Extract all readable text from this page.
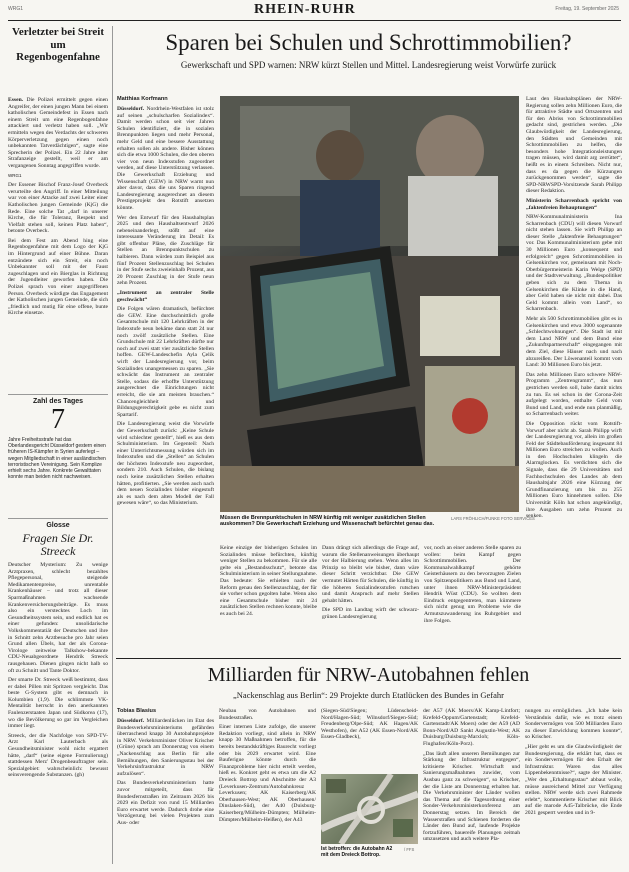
WRG1	RHEIN-RUHR	Freitag, 19. September 2025
Verletzter bei Streit um Regenbogenfahne

Essen. Die Polizei ermittelt gegen einen Angreifer, der einen jungen Mann bei einem katholischen Gemeindefest in Essen nach einem Streit um eine Regenbogenfahne attackiert und verletzt haben soll. „Wir ermitteln wegen des Verdachts der schweren Körperverletzung gegen einen noch unbekannten Tatverdächtigen“, sagte eine Sprecherin der Polizei. Ein 22 Jahre alter Strafanzeige gestellt, weil er am vergangenen Sonntag angegriffen wurde.

WRG1

Der Essener Bischof Franz-Josef Overbeck verurteilte den Angriff. In einer Mitteilung war von einer Attacke auf zwei Leiter einer Katholischen jungen Gemeinde (KjG) die Rede. Eine solche Tat „darf in unserer Kirche, die für Toleranz, Respekt und Vielfalt stehen soll, keinen Platz haben“, betonte Overbeck.

Bei dem Fest am Abend hing eine Regenbogenfahne mit dem Logo der KjG im Hintergrund auf einer Bühne. Daran entzündete sich ein Streit, ein noch Unbekannter soll mit der Faust zugeschlagen und ein Bierglas in Richtung der Jugendleiter geworfen haben. Die Polizei sprach von einer angegriffenen Person. Overbeck würdigte das Engagement der Katholischen jungen Gemeinde, die sich „friedlich und mutig für eine offene, bunte Kirche einsetze.

Zahl des Tages
7
Jahre Freiheitsstrafe hat das Oberlandesgericht Düsseldorf gestern einen früheren IS-Kämpfer in Syrien auferlegt – wegen Mitgliedschaft in einer ausländischen terroristischen Vereinigung. Sein Komplize erhielt sechs Jahre. Konkrete Gewalttaten konnte man beiden nicht nachweisen.
Glosse
Fragen Sie Dr. Streeck

Deutscher Mysterium: Zu wenige Arztpraxen, schlecht bezahltes Pflegepersonal, steigende Medikamentenpreise, unrentable Krankenhäuser – und trotz all dieser Sparmaßnahmen wachsende Krankenversicherungsbeiträge. Es muss also ein verstecktes Loch im Gesundheitssystem sein, und endlich hat es einer gefunden: unsolidarische Volkskommentatiät der Deutschen und ihre in Schnitt zehn Arztbesuche pro Jahr seien Grund allen Übels, hat der als Corona-Virologe zeitweise Talkshow-bekannte CDU-Neuabgeordnete Hendrik Streeck rausgehauen. Dienen gingen nicht halb so oft zu Schnitt und Tante Doktor.

Der smarte Dr. Streeck weiß bestimmt, dass er dabei Pillen mit Spritzen vergleicht. Das beste G-System gibt es demnach in Kolumbien (1,9). Die schlimmste VK-Mentalität herrscht in den anerkannten Faulenzerstaaten Japan und Südkorea (17), wo die Bevölkerung so gar im Vergleichen immer liegt.

Streeck, der die Nachfolge von SPD-TV-Arzt Karl Lauterbach als Gesundheitsminister wohl nicht ergattert hätte, „darf“ (seine eigene Formulierung) stattdessen Merz' Drogenbeauftragter sein. Spezialgebiet: wahrscheinlich: bewusst seinsverengende Substanzen. (gh)

Sparen bei Schulen und Schrottimmobilien?
Gewerkschaft und SPD warnen: NRW kürzt Stellen und Mittel. Landesregierung weist Vorwürfe zurück
Matthias Korfmann

Düsseldorf. Nordrhein-Westfalen ist stolz auf seinen „schulscharfen Sozialindex“. Damit werden schon seit vier Jahren Schulen identifiziert, die in sozialen Brennpunkten liegen und mehr Personal, mehr Geld und eine bessere Ausstattung erhalten sollen als andere. Bisher können sich die etwa 1000 Schulen, die den oberen vier von neun Indexstufen zugeordnet werden, auf diese Unterstützung verlassen. Die Gewerkschaft Erziehung und Wissenschaft (GEW) in NRW warnt nun aber davor, dass die uns Sparen ringend Landesregierung ausgerechnet an diesem Prestigeprojekt den Rotstift ansetzen könnte.

Wer den Entwurf für den Haushaltsplan 2025 und den Haushaltsentwurf 2026 nebeneinanderlegt, stößt auf eine interessante Veränderung im Detail: Es gibt offenbar Pläne, die Zuschläge für Stellen an Brennpunktschulen zu halbieren. Dann würden zum Beispiel aus fünf Prozent Stellenzuschlag bei Schulen in der Stufe sechs zweieinhalb Prozent, aus 20 Prozent Zuschlag in der Stufe neun zehn Prozent.

„Instrument an zentraler Stelle geschwächt“

Die Folgen wären dramatisch, befürchtet die GEW. Eine durchschnittlich große Gesamtschule mit 120 Lehrkräften in der Indexstufe neun bekäme dann statt 24 nur noch zwölf zusätzliche Stellen. Eine Grundschule mit 22 Lehrkräften dürfte nur noch auf zwei statt vier zusätzliche Stellen hoffen. GEW-Landeschefin Ayla Çelik wirft der Landesregierung vor, beim Sozialindex unangemessen zu sparen. „Sie schwächt das Instrument an zentraler Stelle, sodass die erhoffte Unterstützung ausgerechnet die Einrichtungen nicht erreicht, die sie am meisten brauchen.“ Chancengleichheit und Bildungsgerechtigkeit gebe es nicht zum Spartarif.

Die Landesregierung weist die Vorwürfe der Gewerkschaft zurück: „Keine Schule wird schlechter gestellt“, hieß es aus dem Schulministerium. Im Gegenteil: Nach einer Unterrichtsmessung würden sich im Indexstufen und die „Stellen“ an Schulen der höchsten Indexstufe neu zugeordnet, sondern 210. Auch Schulen, die bislang noch keine zusätzlichen Stellen erhalten hätten, profitierten. „Sie werden auch nach dem neuen Sozialindex bisher eingestuft als es nach dem alten Modell der Fall gewesen wäre“, so das Ministerium.

Müssen die Brennpunktschulen in NRW künftig mit weniger zusätzlichen Stellen auskommen? Die Gewerkschaft Erziehung und Wissenschaft befürchtet genau das.
LARS FRÖHLICH/FUNKE FOTO SERVICES

Keine einzige der bisherigen Schulen im Sozialindex müsse befürchten, künftig weniger Stellen zu bekommen. Für sie alle gelte ein „Bestandsschutz“, betonte das Schulministerium in seiner Stellungnahme. Das bedeute: Sie erhielten nach der Reform genau den Stellenzuschlag, der für sie vorher schon gegolten habe. Wenn also eine Gesamtschule bisher mit 24 zusätzlichen Stellen rechnen konnte, bleibe es auch bei 24.

Dann drängt sich allerdings die Frage auf, warum die Stellenanweisungen überhaupt vor der Halbierung stehen. Wenn alles im Prinzip so bleibt wie bisher, dann wäre dieser Schritt verzichtbar. Die GEW vermutet Härten für Schulen, die künftig in die höheren Sozialindexstufen rutschen und damit Anspruch auf mehr Stellen gehabt hätten.

Die SPD im Landtag wirft der schwarz-grünen Landesregierung

vor, noch an einer anderen Stelle sparen zu wollen: beim Kampf gegen Schrottimmobilien. Der Kommunalwahlkampf gehörte Geisterhäusern zu den bevorzugten Zielen von Spitzenpolitikern aus Bund und Land, unter ihnen NRW-Ministerpräsident Hendrik Wüst (CDU). So wollten dem Eindruck entgegentreten, man kümmere sich nicht genug um Probleme wie die Armutszuwanderung ins Ruhrgebiet und ihre Folgen.

Laut den Haushaltsplänen der NRW-Regierung sollen zehn Millionen Euro, die für attraktive Städte und Ortszentren und für den Abriss von Schrottimmobilien gedacht sind, gestrichen werden. „Die Glaubwürdigkeit der Landesregierung, den Städten und Gemeinden mit Schrottimmobilien zu helfen, die besonders hohe Integrationsleistungen tragen müssen, wird damit arg zerrüttet“, heißt es in einem Schreiben. Nicht nur, dass es da gegen die Kürzungen zurückgenommen werden“, sagte die SPD-NRWSPD-Vorsitzende Sarah Philipp dieser Redaktion.

Ministerin Scharrenbach spricht von „faktenfreien Behauptungen“

NRW-Kommunalministerin Ina Scharrenbach (CDU) will diesen Vorwurf nicht stehen lassen. Sie wirft Philipp an dieser Stelle „faktenfreie Behauptungen“ vor. Das Kommunalministerium gebe mit 30 Millionen Euro „konsequent und erfolgreich“ gegen Schrottimmobilien in Gelsenkirchen vor, gemeinsam mit Noch-Oberbürgermeisterin Karin Welge (SPD) und der Stadtverwaltung. „Bundespolitiker geben sich zu dem Thema in Gelsenkirchen die Klinke in die Hand, aber Geld haben sie nicht mit dabei. Das Geld kommt allein vom Land“, so Scharrenbach.

Mehr als 500 Schrottimmobilien gibt es in Gelsenkirchen und etwa 3000 sogenannte „Schlechtwohnungen“. Die Stadt ist mit dem Land NRW und dem Bund eine „Zukunftspartnerschaft“ eingegangen mit dem Ziel, diese Häuser nach und nach abzureißen. Der Löwenanteil kommt vom Land: 30 Millionen Euro bis jetzt.

Das zehn Millionen Euro schwere NRW-Programm „Zentrengramm“, das nun gestrichen werden soll, habe damit nichts zu tun. Es sei schon in der Corona-Zeit aufgelegt worden, enthalte Geld vom Bund und Land, und ende nun planmäßig, so Scharrenbach weiter.

Die Opposition rückt vom Rotstift-Vorwurf aber nicht ab. Sarah Philipp wirft der Landesregierung vor, allein im großen Feld der Städtebauförderung insgesamt 84 Millionen Euro streichen zu wollen. Auch in den Hochschulen klingeln die Alarmglocken. Es verdichten sich die Signale, dass die 29 Universitäten und Fachhochschulen des Landes ab dem Haushaltsjahr 2026 eine Kürzung der Grundfinanzierung um bis zu 255 Millionen Euro hinnehmen sollen. Die Universität Köln hat schon angekündigt, ihre Ausgaben um zehn Prozent zu senken.

Milliarden für NRW-Autobahnen fehlen
„Nackenschlag aus Berlin“: 29 Projekte durch Etatlücken des Bundes in Gefahr
Tobias Blasius

Düsseldorf. Milliardenlücken im Etat des Bundesverkehrsministeriums gefährden überraschend knapp 30 Autobahnprojekte in NRW. Verkehrsminister Oliver Krischer (Grüne) sprach am Donnerstag von einem „Nackenschlag aus Berlin für alle Bemühungen, den Sanierungsstau bei der Verkehrsinfrastruktur in NRW aufzulösen“.

Das Bundesverkehrsministerium hatte zuvor mitgeteilt, dass für Bundesfernstraßen im Zeitraum 2026 bis 2029 ein Defizit von rund 15 Milliarden Euro erwartet werde. Dadurch drohe eine Verzögerung bei vielen Projekten zum Aus- oder

Neubau von Autobahnen und Bundesstraßen.

Einer internen Liste zufolge, die unserer Redaktion vorliegt, sind allein in NRW knapp 30 Maßnahmen betroffen, für die bereits bestandskräftiges Baurecht vorliegt oder bis 2029 erwartet wird. Eine Bauferigue könnte durch die Finanzprobleme hier nicht erteilt werden, hieß es. Konkret geht es etwa um die A2 Dreieck Bottrop und Abschnitte der A3 (Leverkusen-Zentrum/Autobahnkreuz Leverkusen; AK Kaiserberg/AK Oberhausen-West; AK Oberhausen/ Dinslaken-Süd), der A40 (Duisburg-Kaiserberg/Mülheim-Dümpten; Mülheim-Dümpten/Mülheim-Heißen), der A43

(Siegen-Süd/Siegen; Lüdenscheid-Nord/Hagen-Süd; Wilnsdorf/Siegen-Süd; Freudenberg/Olpe-Süd; AK Hagen/AK Westhofen), der A52 (AK Essen-Nord/AK Essen-Gladbeck),

Ist betroffen: die Autobahn A2 mit dem Dreieck Bottrop.
/ FFS

der A57 (AK Moers/AK Kamp-Lintfort; Krefeld-Oppum/Gartenstadt; Krefeld-Gartenstadt/AK Moers) oder der A59 (AD Bonn-Nord/AD Sankt Augustin-West; AK Duisburg/Duisburg-Marxloh; Köln-Flughafen/Köln-Porz).

„Das läuft allen unseren Bemühungen zur Stärkung der Infrastruktur entgegen“, kritisierte Krischer. Wirtschaft und Sanierungsmaßnahmen zuwider, vom Ausbau ganz zu schweigen“, so Krischer, der die Liste am Donnerstag erhalten hat. Die Verkehrsminister der Länder wollen das Thema auf die Tagesordnung einer Sonder-Verkehrsministerkonferenz am Donnerstag setzen. Im Bereich der Wasserstraßen und Schienen forderten die Länder den Bund auf, laufende Projekte fortzuführen, bauereife Planungen zeitnah umzusetzen und auch weitere Pla-

nungen zu ermöglichen. „Ich habe kein Verständnis dafür, wie es trotz einem Sondervermögen von 500 Milliarden Euro zu dieser Entwicklung kommen konnte“, so Krischer.

„Hier geht es um die Glaubwürdigkeit der Bundesregierung, die erklärt hat, dass es ein Sondervermögen für den Erhalt der Infrastruktur. Waren das alles Lippenbekenntnisse?“, sagte der Minister. „Wer den „Erhaltungsstau“ abbaut wolle, müsse ausreichend Mittel zur Verfügung stellen. NRW werde sich zwei Rahmede erlebt“, kommentierte Krischer mit Blick auf die marode A45-Talbrücke, die Ende 2021 gesperrt werden und in 9-
